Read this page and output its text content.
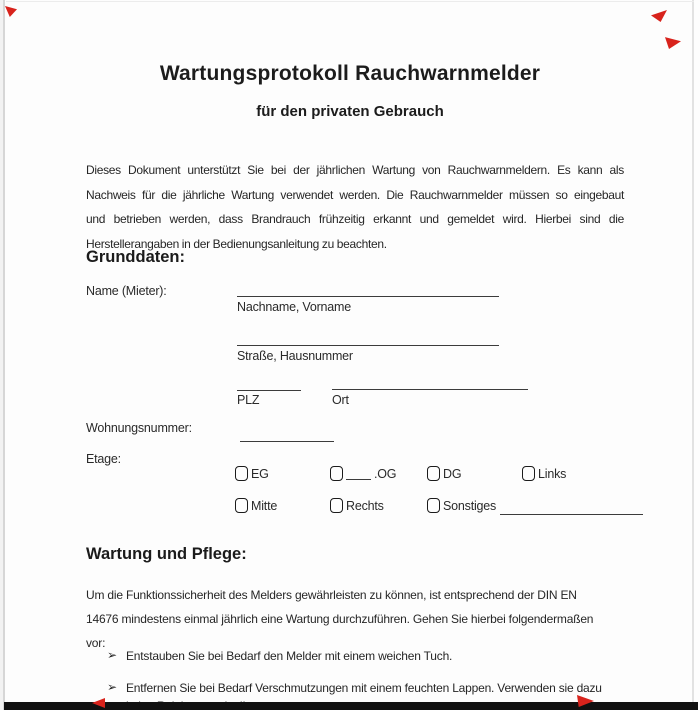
Wartungsprotokoll Rauchwarnmelder
für den privaten Gebrauch
Dieses Dokument unterstützt Sie bei der jährlichen Wartung von Rauchwarnmeldern. Es kann als
Nachweis für die jährliche Wartung verwendet werden. Die Rauchwarnmelder müssen so eingebaut
und betrieben werden, dass Brandrauch frühzeitig erkannt und gemeldet wird. Hierbei sind die
Herstellerangaben in der Bedienungsanleitung zu beachten.
Grunddaten:
Name (Mieter):
Nachname, Vorname
Straße, Hausnummer
PLZ	Ort
Wohnungsnummer:
Etage:
EG	.OG	DG	Links
Mitte	Rechts	Sonstiges
Wartung und Pflege:
Um die Funktionssicherheit des Melders gewährleisten zu können, ist entsprechend der DIN EN
14676 mindestens einmal jährlich eine Wartung durchzuführen. Gehen Sie hierbei folgendermaßen
vor:
➢ Entstauben Sie bei Bedarf den Melder mit einem weichen Tuch.
➢ Entfernen Sie bei Bedarf Verschmutzungen mit einem feuchten Lappen. Verwenden sie dazu
